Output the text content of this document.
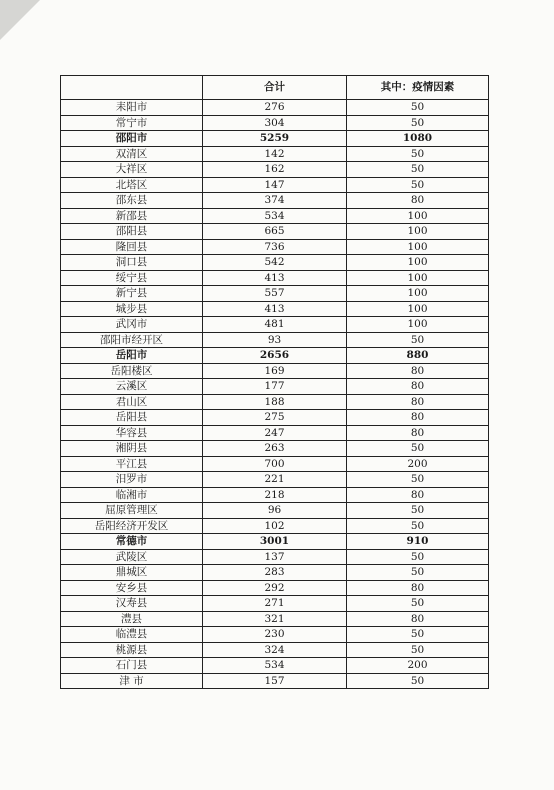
	合计	其中：疫情因素
耒阳市	276	50
常宁市	304	50
邵阳市	5259	1080
双清区	142	50
大祥区	162	50
北塔区	147	50
邵东县	374	80
新邵县	534	100
邵阳县	665	100
隆回县	736	100
洞口县	542	100
绥宁县	413	100
新宁县	557	100
城步县	413	100
武冈市	481	100
邵阳市经开区	93	50
岳阳市	2656	880
岳阳楼区	169	80
云溪区	177	80
君山区	188	80
岳阳县	275	80
华容县	247	80
湘阴县	263	50
平江县	700	200
汨罗市	221	50
临湘市	218	80
屈原管理区	96	50
岳阳经济开发区	102	50
常德市	3001	910
武陵区	137	50
鼎城区	283	50
安乡县	292	80
汉寿县	271	50
澧县	321	80
临澧县	230	50
桃源县	324	50
石门县	534	200
津 市	157	50
